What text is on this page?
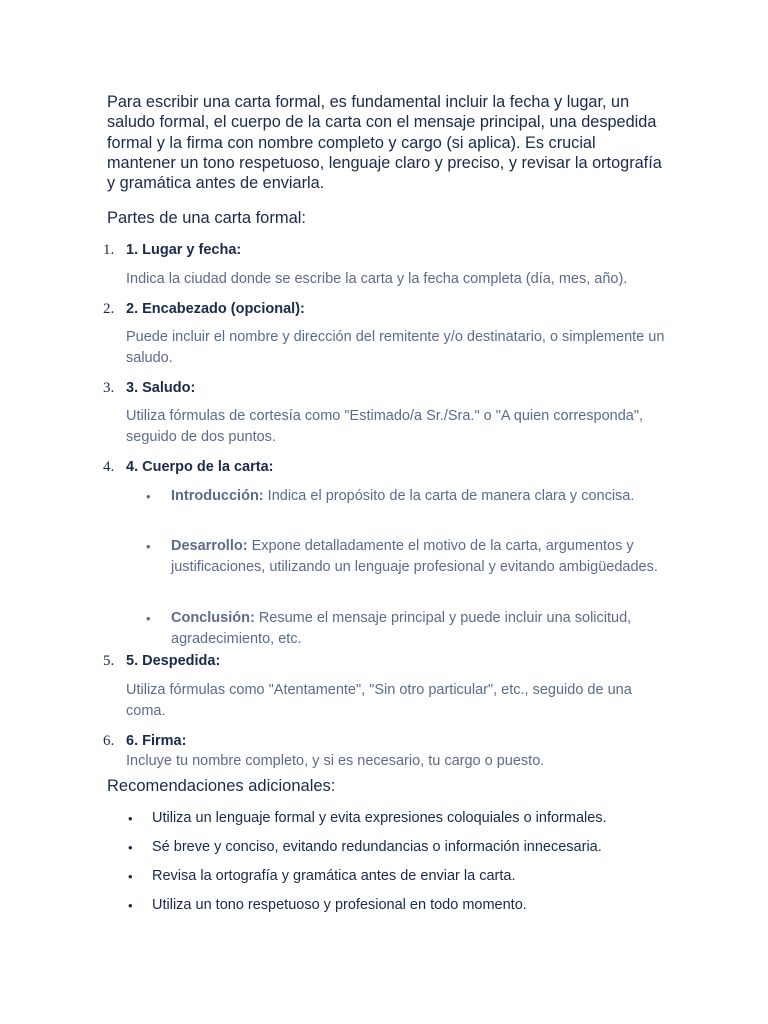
Para escribir una carta formal, es fundamental incluir la fecha y lugar, un saludo formal, el cuerpo de la carta con el mensaje principal, una despedida formal y la firma con nombre completo y cargo (si aplica). Es crucial mantener un tono respetuoso, lenguaje claro y preciso, y revisar la ortografía y gramática antes de enviarla.

Partes de una carta formal:
1. 1. Lugar y fecha:

Indica la ciudad donde se escribe la carta y la fecha completa (día, mes, año).

2. 2. Encabezado (opcional):

Puede incluir el nombre y dirección del remitente y/o destinatario, o simplemente un saludo.

3. 3. Saludo:

Utiliza fórmulas de cortesía como "Estimado/a Sr./Sra." o "A quien corresponda", seguido de dos puntos.

4. 4. Cuerpo de la carta:
• Introducción: Indica el propósito de la carta de manera clara y concisa.

• Desarrollo: Expone detalladamente el motivo de la carta, argumentos y justificaciones, utilizando un lenguaje profesional y evitando ambigüedades.

• Conclusión: Resume el mensaje principal y puede incluir una solicitud, agradecimiento, etc.

5. 5. Despedida:

Utiliza fórmulas como "Atentamente", "Sin otro particular", etc., seguido de una coma.

6. 6. Firma:

Incluye tu nombre completo, y si es necesario, tu cargo o puesto.

Recomendaciones adicionales:
• Utiliza un lenguaje formal y evita expresiones coloquiales o informales.

• Sé breve y conciso, evitando redundancias o información innecesaria.

• Revisa la ortografía y gramática antes de enviar la carta.

• Utiliza un tono respetuoso y profesional en todo momento.
